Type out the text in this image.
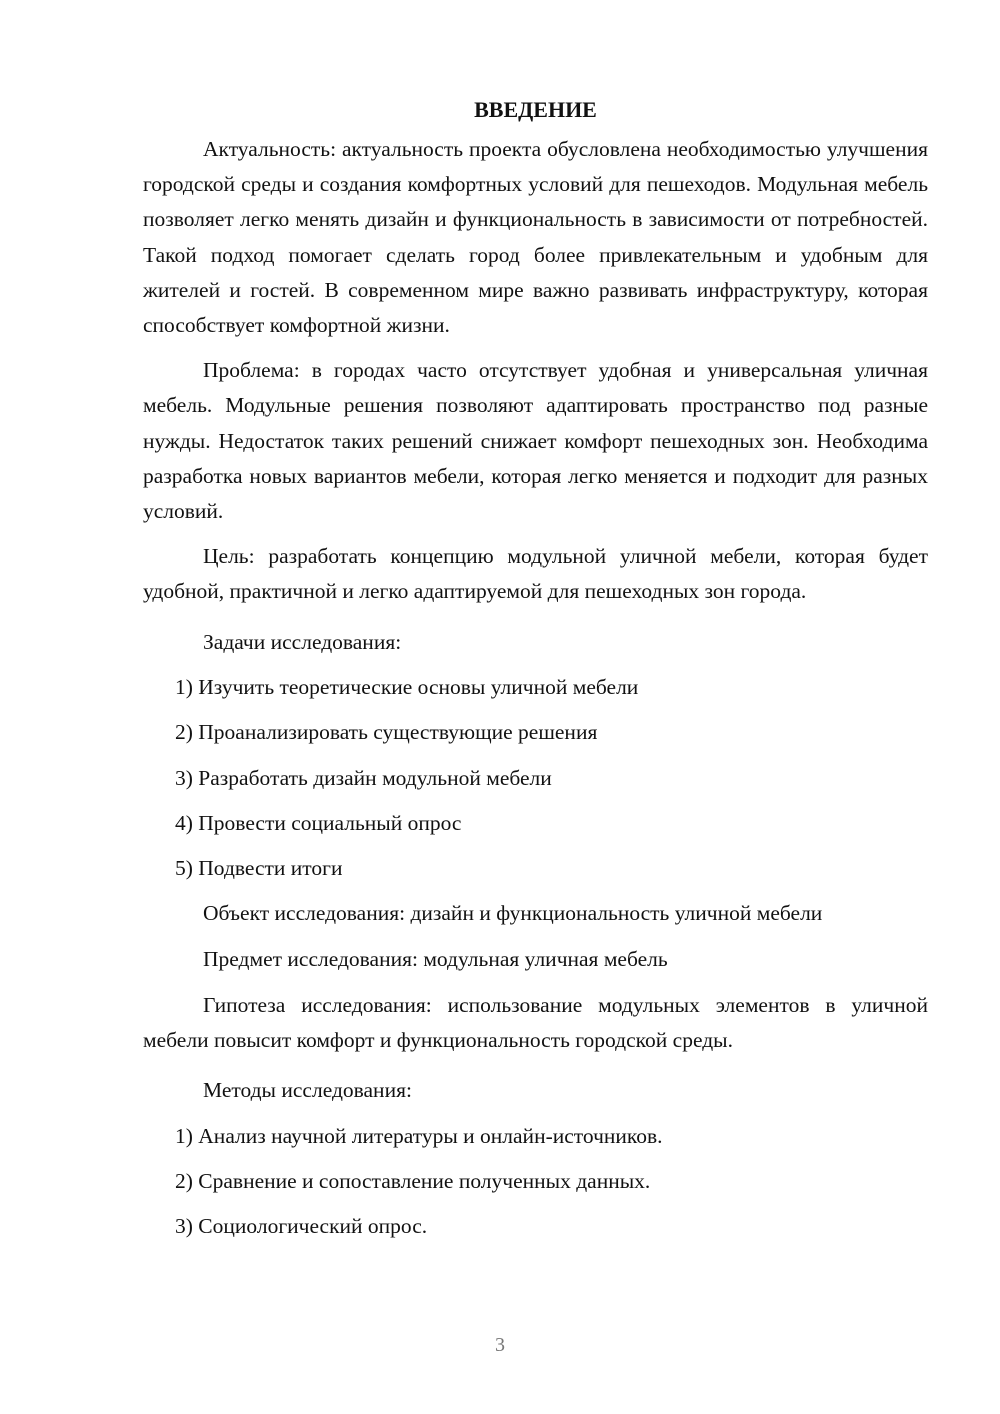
ВВЕДЕНИЕ

Актуальность: актуальность проекта обусловлена необходимостью улучшения городской среды и создания комфортных условий для пешеходов. Модульная мебель позволяет легко менять дизайн и функциональность в зависимости от потребностей. Такой подход помогает сделать город более привлекательным и удобным для жителей и гостей. В современном мире важно развивать инфраструктуру, которая способствует комфортной жизни.

Проблема: в городах часто отсутствует удобная и универсальная уличная мебель. Модульные решения позволяют адаптировать пространство под разные нужды. Недостаток таких решений снижает комфорт пешеходных зон. Необходима разработка новых вариантов мебели, которая легко меняется и подходит для разных условий.

Цель: разработать концепцию модульной уличной мебели, которая будет удобной, практичной и легко адаптируемой для пешеходных зон города.

Задачи исследования:
1) Изучить теоретические основы уличной мебели
2) Проанализировать существующие решения
3) Разработать дизайн модульной мебели
4) Провести социальный опрос
5) Подвести итоги
Объект исследования: дизайн и функциональность уличной мебели
Предмет исследования: модульная уличная мебель

Гипотеза исследования: использование модульных элементов в уличной мебели повысит комфорт и функциональность городской среды.

Методы исследования:
1) Анализ научной литературы и онлайн-источников.
2) Сравнение и сопоставление полученных данных.
3) Социологический опрос.
3
